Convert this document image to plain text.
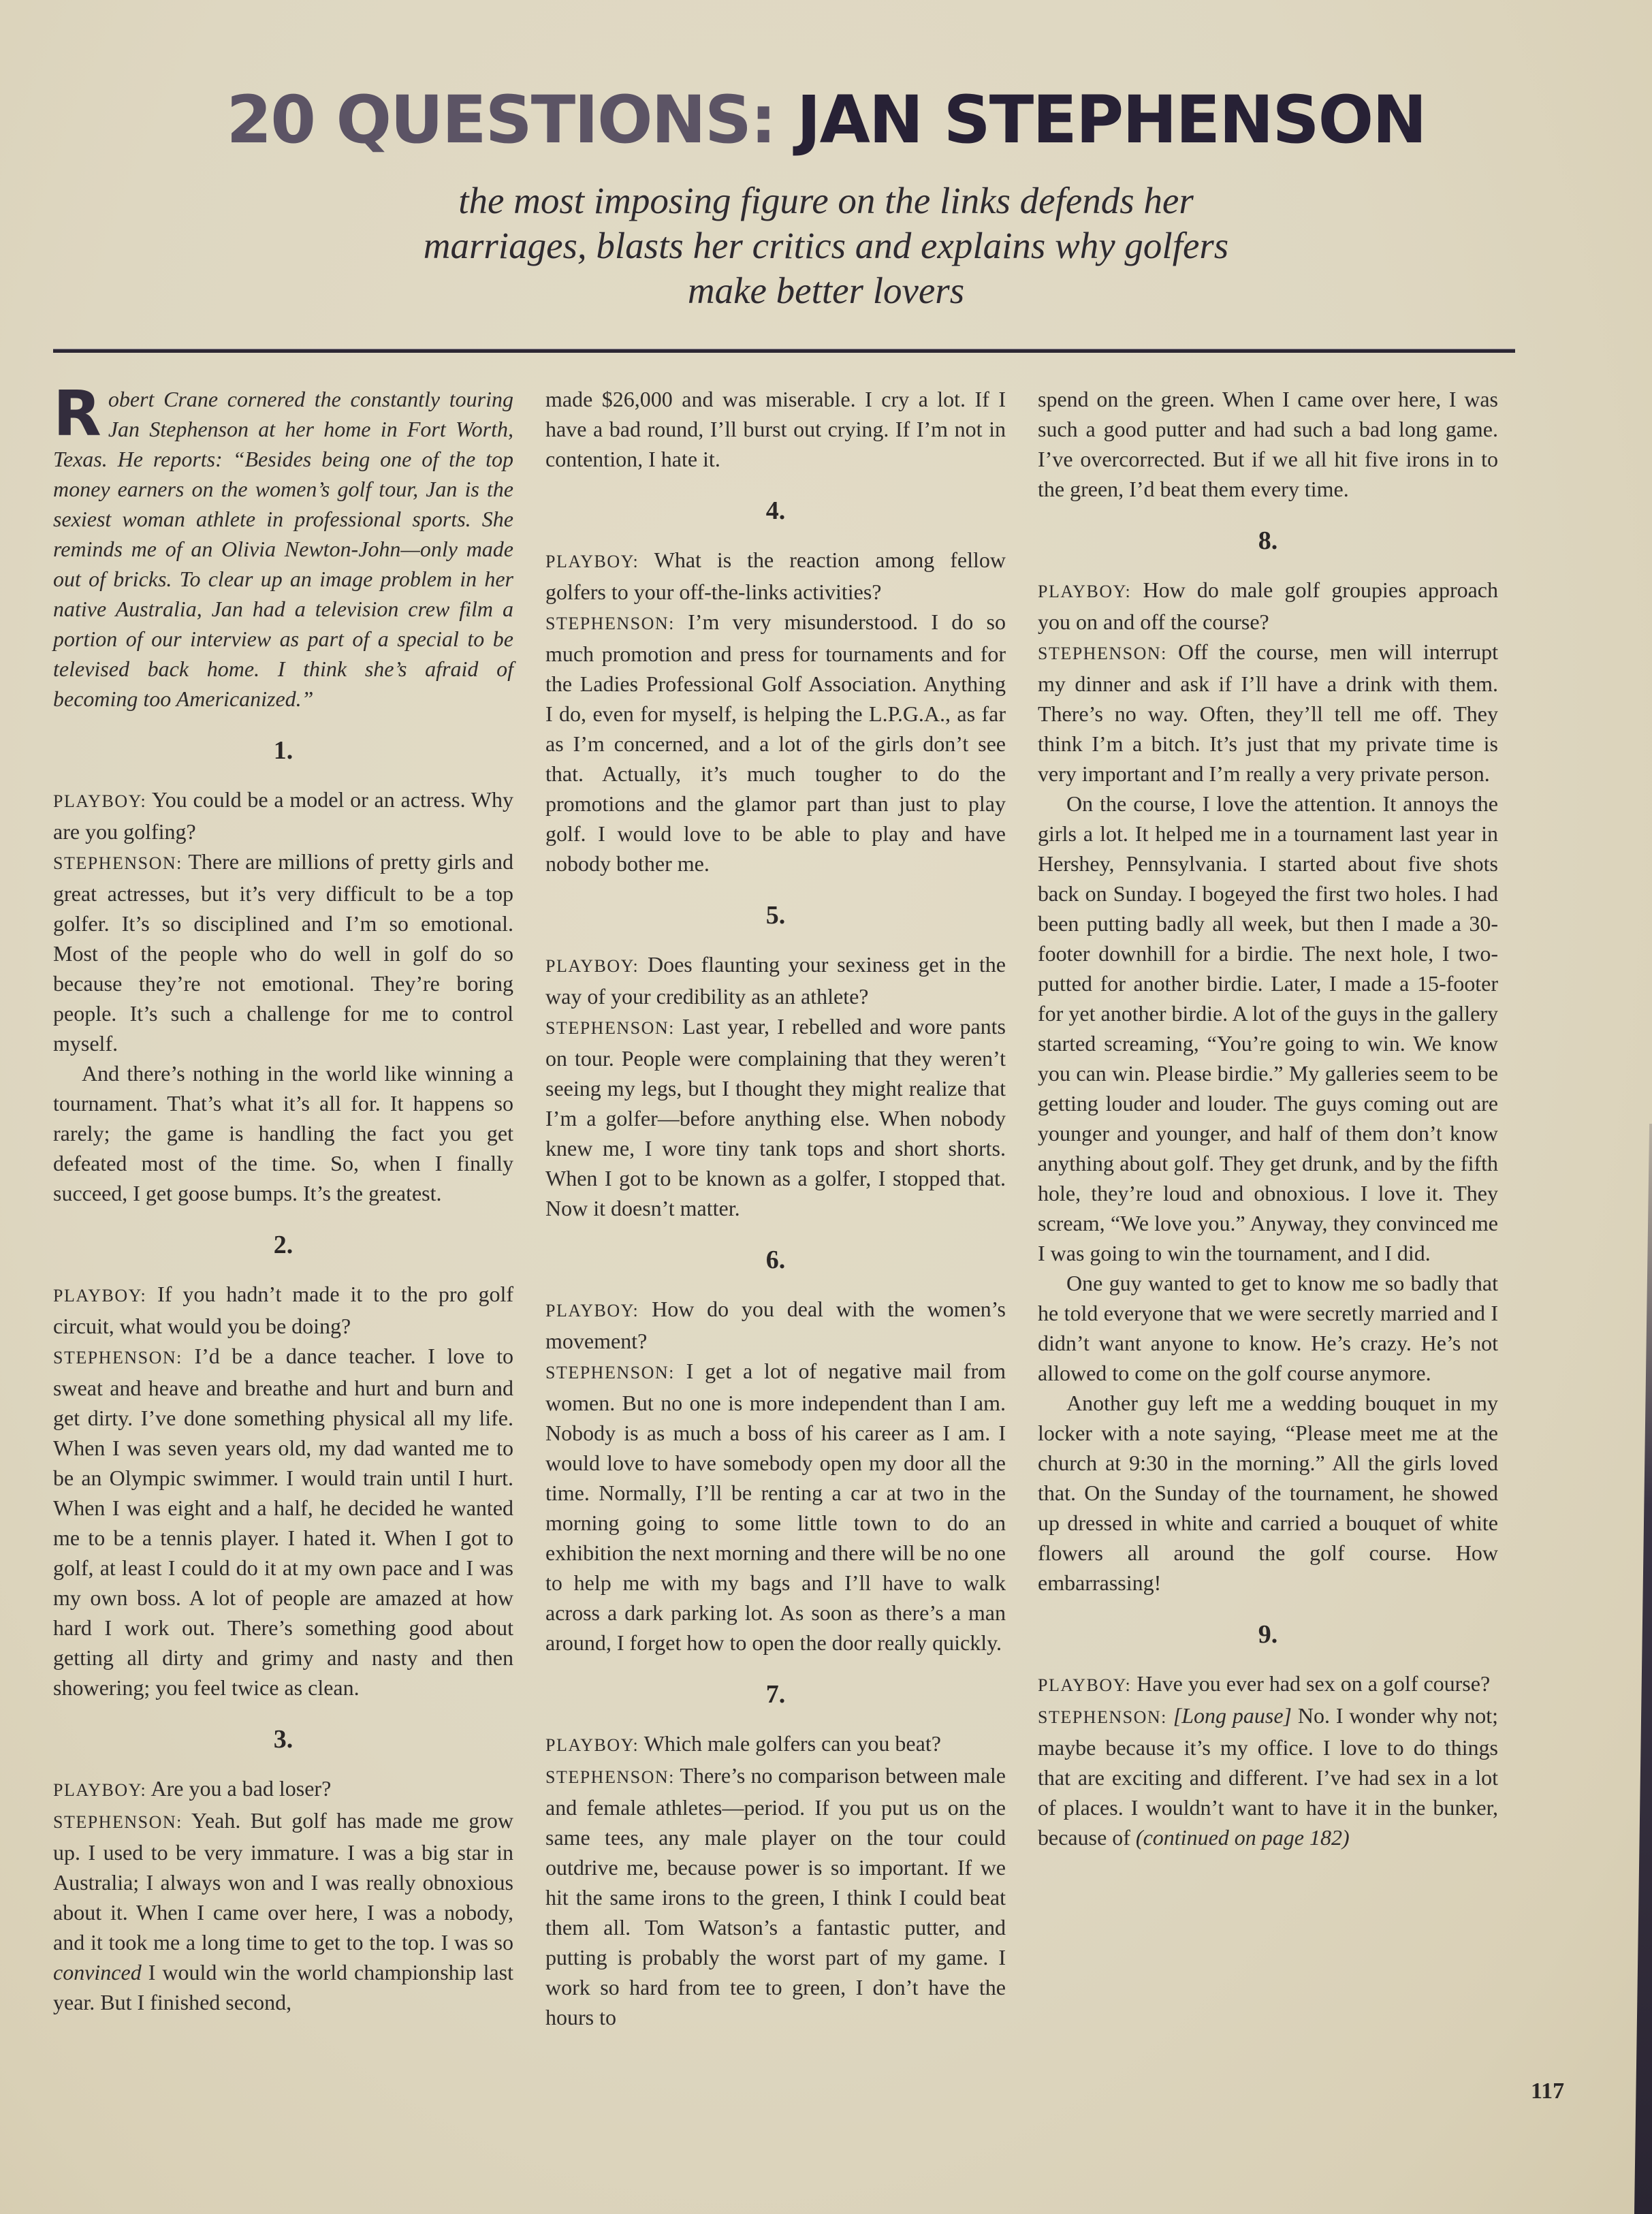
20 QUESTIONS: JAN STEPHENSON
the most imposing figure on the links defends her
marriages, blasts her critics and explains why golfers
make better lovers

Robert Crane cornered the constantly touring Jan Stephenson at her home in Fort Worth, Texas. He reports: “Besides being one of the top money earners on the women’s golf tour, Jan is the sexiest woman athlete in professional sports. She reminds me of an Olivia Newton-John—only made out of bricks. To clear up an image problem in her native Australia, Jan had a television crew film a portion of our interview as part of a special to be televised back home. I think she’s afraid of becoming too Americanized.”

1.

PLAYBOY: You could be a model or an actress. Why are you golfing?

STEPHENSON: There are millions of pretty girls and great actresses, but it’s very difficult to be a top golfer. It’s so disciplined and I’m so emotional. Most of the people who do well in golf do so because they’re not emotional. They’re boring people. It’s such a challenge for me to control myself.

And there’s nothing in the world like winning a tournament. That’s what it’s all for. It happens so rarely; the game is handling the fact you get defeated most of the time. So, when I finally succeed, I get goose bumps. It’s the greatest.

2.

PLAYBOY: If you hadn’t made it to the pro golf circuit, what would you be doing?

STEPHENSON: I’d be a dance teacher. I love to sweat and heave and breathe and hurt and burn and get dirty. I’ve done something physical all my life. When I was seven years old, my dad wanted me to be an Olympic swimmer. I would train until I hurt. When I was eight and a half, he decided he wanted me to be a tennis player. I hated it. When I got to golf, at least I could do it at my own pace and I was my own boss. A lot of people are amazed at how hard I work out. There’s something good about getting all dirty and grimy and nasty and then showering; you feel twice as clean.

3.

PLAYBOY: Are you a bad loser?

STEPHENSON: Yeah. But golf has made me grow up. I used to be very immature. I was a big star in Australia; I always won and I was really obnoxious about it. When I came over here, I was a nobody, and it took me a long time to get to the top. I was so convinced I would win the world championship last year. But I finished second,

made $26,000 and was miserable. I cry a lot. If I have a bad round, I’ll burst out crying. If I’m not in contention, I hate it.

4.

PLAYBOY: What is the reaction among fellow golfers to your off-the-links activities?

STEPHENSON: I’m very misunderstood. I do so much promotion and press for tournaments and for the Ladies Professional Golf Association. Anything I do, even for myself, is helping the L.P.G.A., as far as I’m concerned, and a lot of the girls don’t see that. Actually, it’s much tougher to do the promotions and the glamor part than just to play golf. I would love to be able to play and have nobody bother me.

5.

PLAYBOY: Does flaunting your sexiness get in the way of your credibility as an athlete?

STEPHENSON: Last year, I rebelled and wore pants on tour. People were complaining that they weren’t seeing my legs, but I thought they might realize that I’m a golfer—before anything else. When nobody knew me, I wore tiny tank tops and short shorts. When I got to be known as a golfer, I stopped that. Now it doesn’t matter.

6.

PLAYBOY: How do you deal with the women’s movement?

STEPHENSON: I get a lot of negative mail from women. But no one is more independent than I am. Nobody is as much a boss of his career as I am. I would love to have somebody open my door all the time. Normally, I’ll be renting a car at two in the morning going to some little town to do an exhibition the next morning and there will be no one to help me with my bags and I’ll have to walk across a dark parking lot. As soon as there’s a man around, I forget how to open the door really quickly.

7.

PLAYBOY: Which male golfers can you beat?

STEPHENSON: There’s no comparison between male and female athletes—period. If you put us on the same tees, any male player on the tour could outdrive me, because power is so important. If we hit the same irons to the green, I think I could beat them all. Tom Watson’s a fantastic putter, and putting is probably the worst part of my game. I work so hard from tee to green, I don’t have the hours to

spend on the green. When I came over here, I was such a good putter and had such a bad long game. I’ve overcorrected. But if we all hit five irons in to the green, I’d beat them every time.

8.

PLAYBOY: How do male golf groupies approach you on and off the course?

STEPHENSON: Off the course, men will interrupt my dinner and ask if I’ll have a drink with them. There’s no way. Often, they’ll tell me off. They think I’m a bitch. It’s just that my private time is very important and I’m really a very private person.

On the course, I love the attention. It annoys the girls a lot. It helped me in a tournament last year in Hershey, Pennsylvania. I started about five shots back on Sunday. I bogeyed the first two holes. I had been putting badly all week, but then I made a 30-footer downhill for a birdie. The next hole, I two-putted for another birdie. Later, I made a 15-footer for yet another birdie. A lot of the guys in the gallery started screaming, “You’re going to win. We know you can win. Please birdie.” My galleries seem to be getting louder and louder. The guys coming out are younger and younger, and half of them don’t know anything about golf. They get drunk, and by the fifth hole, they’re loud and obnoxious. I love it. They scream, “We love you.” Anyway, they convinced me I was going to win the tournament, and I did.

One guy wanted to get to know me so badly that he told everyone that we were secretly married and I didn’t want anyone to know. He’s crazy. He’s not allowed to come on the golf course anymore.

Another guy left me a wedding bouquet in my locker with a note saying, “Please meet me at the church at 9:30 in the morning.” All the girls loved that. On the Sunday of the tournament, he showed up dressed in white and carried a bouquet of white flowers all around the golf course. How embarrassing!

9.

PLAYBOY: Have you ever had sex on a golf course?

STEPHENSON: [Long pause] No. I wonder why not; maybe because it’s my office. I love to do things that are exciting and different. I’ve had sex in a lot of places. I wouldn’t want to have it in the bunker, because of (continued on page 182)

117
